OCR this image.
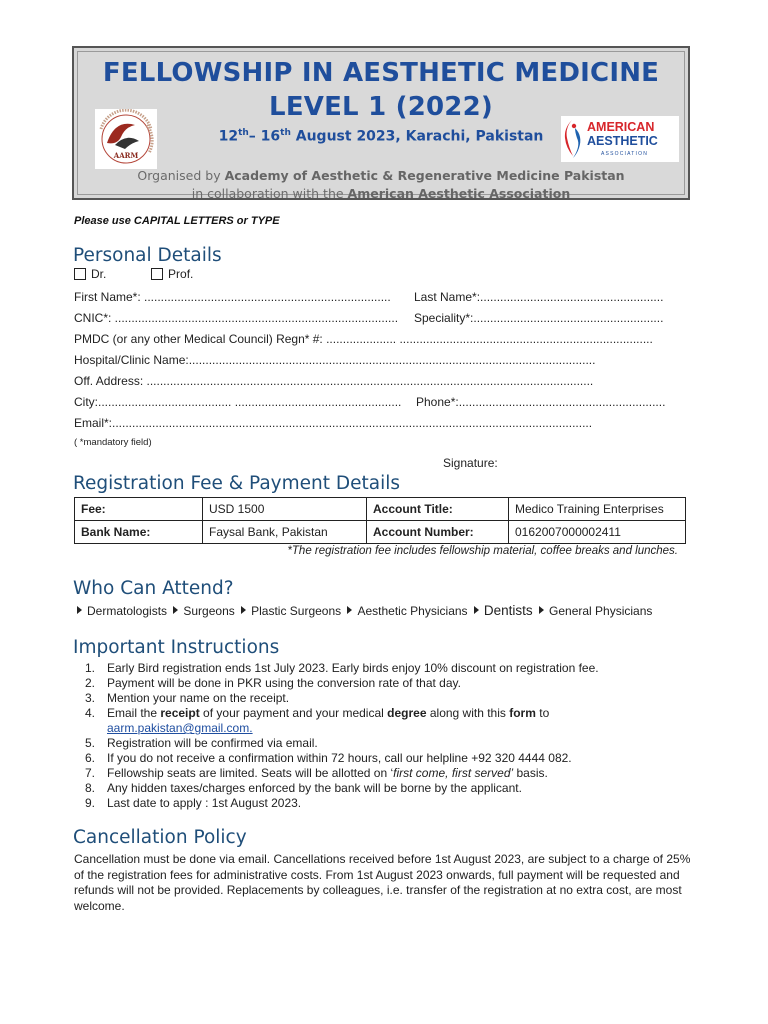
FELLOWSHIP IN AESTHETIC MEDICINE
LEVEL 1 (2022)
12th– 16th August 2023, Karachi, Pakistan
AARM
AMERICAN
AESTHETIC
ASSOCIATION
Organised by Academy of Aesthetic & Regenerative Medicine Pakistan
in collaboration with the American Aesthetic Association
Please use CAPITAL LETTERS or TYPE
Personal Details
Dr.	Prof.
First Name*: .......................................................................... Last Name*:.......................................................
CNIC*: ..................................................................................... Speciality*:.........................................................
PMDC (or any other Medical Council) Regn* #: ..................... ............................................................................
Hospital/Clinic Name:..........................................................................................................................
Off. Address: ......................................................................................................................................
City:........................................ .................................................. Phone*:..............................................................
Email*:................................................................................................................................................
( *mandatory field)
Signature:
Registration Fee & Payment Details
Fee:	USD 1500	Account Title:	Medico Training Enterprises
Bank Name:	Faysal Bank, Pakistan	Account Number:	0162007000002411
*The registration fee includes fellowship material, coffee breaks and lunches.
Who Can Attend?
Dermatologists Surgeons Plastic Surgeons Aesthetic Physicians Dentists General Physicians
Important Instructions
1. Early Bird registration ends 1st July 2023. Early birds enjoy 10% discount on registration fee.
2. Payment will be done in PKR using the conversion rate of that day.
3. Mention your name on the receipt.
4. Email the receipt of your payment and your medical degree along with this form to
aarm.pakistan@gmail.com.
5. Registration will be confirmed via email.
6. If you do not receive a confirmation within 72 hours, call our helpline +92 320 4444 082.
7. Fellowship seats are limited. Seats will be allotted on ‘first come, first served’ basis.
8. Any hidden taxes/charges enforced by the bank will be borne by the applicant.
9. Last date to apply : 1st August 2023.
Cancellation Policy
Cancellation must be done via email. Cancellations received before 1st August 2023, are subject to a charge of 25% of the registration fees for administrative costs. From 1st August 2023 onwards, full payment will be requested and refunds will not be provided. Replacements by colleagues, i.e. transfer of the registration at no extra cost, are most welcome.
